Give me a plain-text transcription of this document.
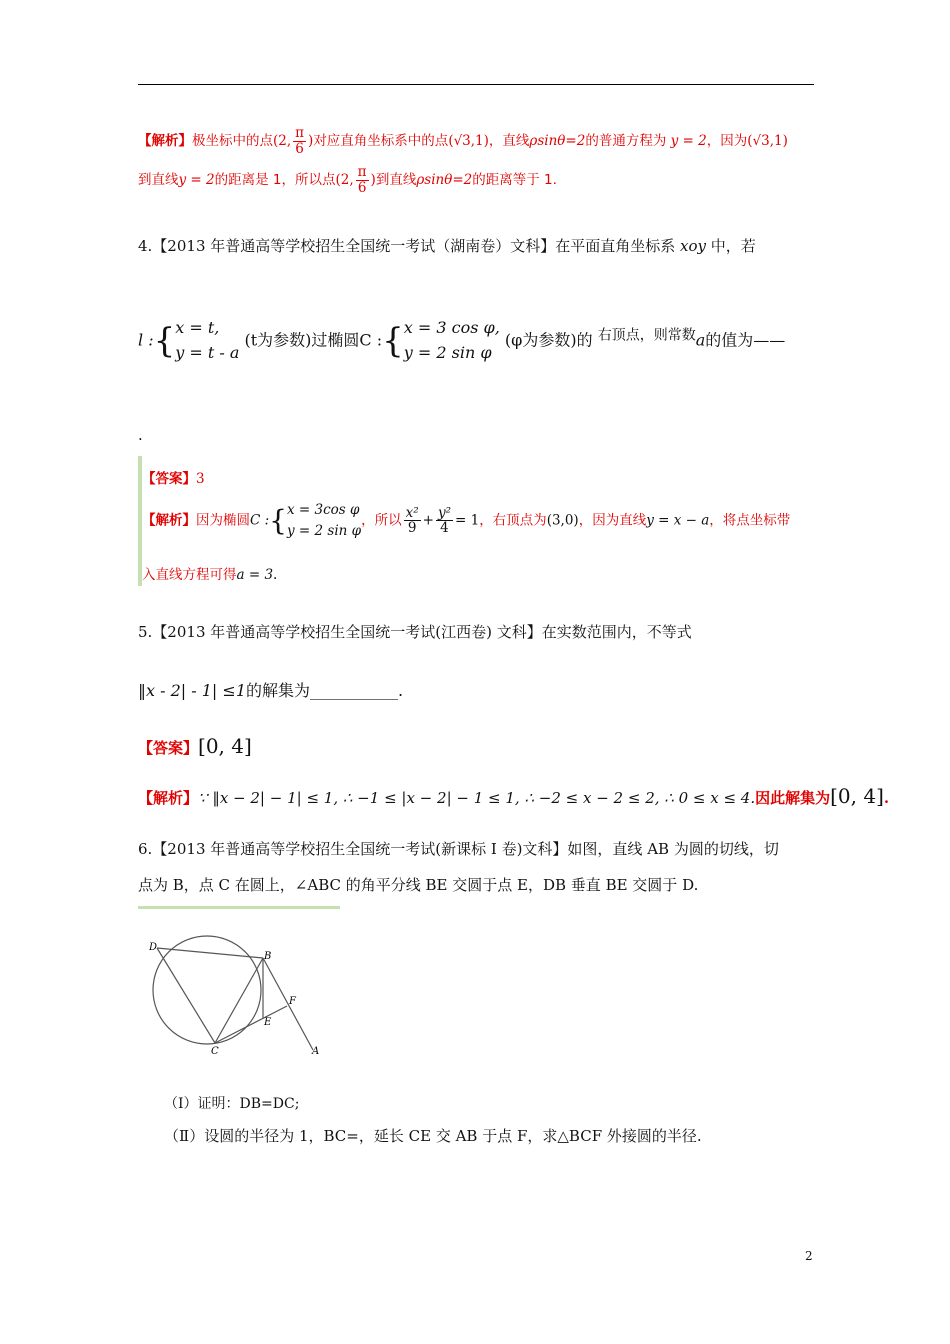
【解析】极坐标中的点(2, $\frac{\pi}{6}$ )对应直角坐标系中的点(√3,1)，直线ρsinθ=2的普通方程为 y = 2，因为(√3,1)
到直线y = 2的距离是 1，所以点(2, $\frac{\pi}{6}$ )到直线ρsinθ=2的距离等于 1.
4.【2013 年普通高等学校招生全国统一考试（湖南卷）文科】在平面直角坐标系 xoy 中，若
l :{ x = t,
y = t - a
(t为参数)过椭圆C :{ x = 3 cos φ,
y = 2 sin φ
(φ为参数)的 右顶点，则常数a的值为——
.
【答案】3
【解析】因为椭圆C :{ x = 3cos φ
y = 2 sin φ
，所以 $\frac{\text{x²}}{9} + \frac{\text{y²}}{4} = 1$，右顶点为(3,0)，因为直线y = x − a，将点坐标带
入直线方程可得a = 3.
5.【2013 年普通高等学校招生全国统一考试(江西卷) 文科】在实数范围内，不等式
‖x - 2| - 1| ≤1的解集为___________.
【答案】[0, 4]
【解析】∵ ‖x − 2| − 1| ≤ 1, ∴ −1 ≤ |x − 2| − 1 ≤ 1, ∴ −2 ≤ x − 2 ≤ 2, ∴ 0 ≤ x ≤ 4.因此解集为[0, 4].
6.【2013 年普通高等学校招生全国统一考试(新课标 I 卷)文科】如图，直线 AB 为圆的切线，切
点为 B，点 C 在圆上，∠ABC 的角平分线 BE 交圆于点 E，DB 垂直 BE 交圆于 D.
D
B
F
E
C	A
（Ⅰ）证明：DB=DC;
（Ⅱ）设圆的半径为 1，BC=，延长 CE 交 AB 于点 F，求△BCF 外接圆的半径.
2
